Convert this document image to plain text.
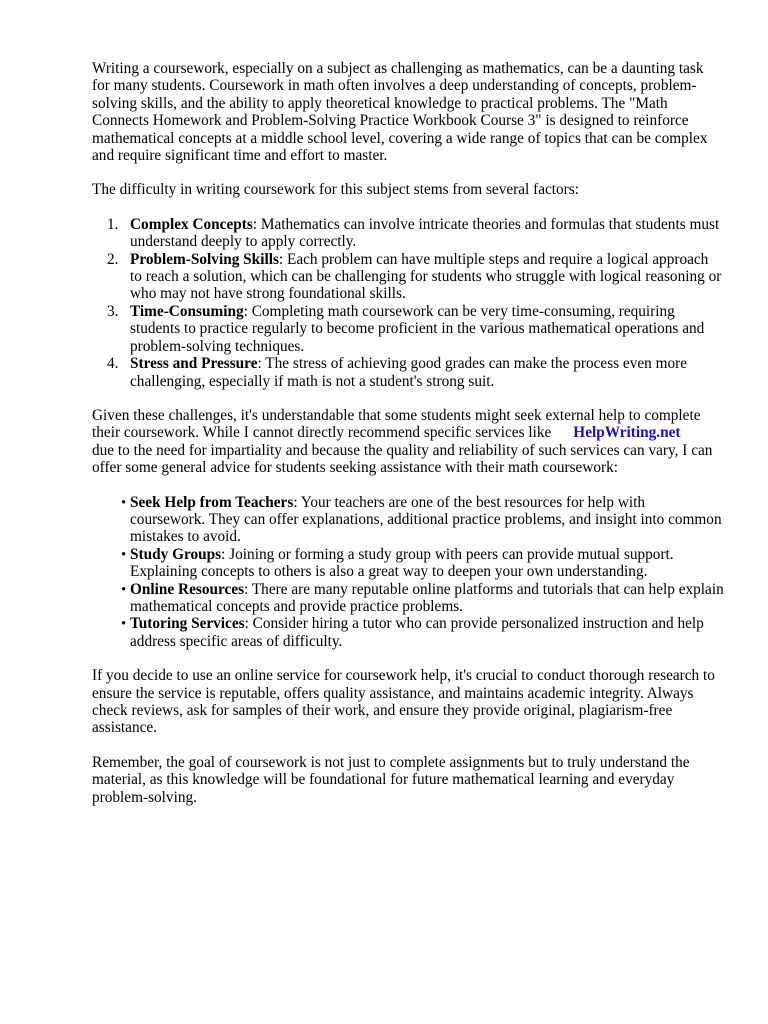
Writing a coursework, especially on a subject as challenging as mathematics, can be a daunting task for many students. Coursework in math often involves a deep understanding of concepts, problem-solving skills, and the ability to apply theoretical knowledge to practical problems. The "Math Connects Homework and Problem-Solving Practice Workbook Course 3" is designed to reinforce mathematical concepts at a middle school level, covering a wide range of topics that can be complex and require significant time and effort to master.

The difficulty in writing coursework for this subject stems from several factors:

1. Complex Concepts: Mathematics can involve intricate theories and formulas that students must understand deeply to apply correctly.
2. Problem-Solving Skills: Each problem can have multiple steps and require a logical approach to reach a solution, which can be challenging for students who struggle with logical reasoning or who may not have strong foundational skills.
3. Time-Consuming: Completing math coursework can be very time-consuming, requiring students to practice regularly to become proficient in the various mathematical operations and problem-solving techniques.
4. Stress and Pressure: The stress of achieving good grades can make the process even more challenging, especially if math is not a student's strong suit.

Given these challenges, it's understandable that some students might seek external help to complete their coursework. While I cannot directly recommend specific services like HelpWriting.net
due to the need for impartiality and because the quality and reliability of such services can vary, I can offer some general advice for students seeking assistance with their math coursework:

• Seek Help from Teachers: Your teachers are one of the best resources for help with coursework. They can offer explanations, additional practice problems, and insight into common mistakes to avoid.
• Study Groups: Joining or forming a study group with peers can provide mutual support. Explaining concepts to others is also a great way to deepen your own understanding.
• Online Resources: There are many reputable online platforms and tutorials that can help explain mathematical concepts and provide practice problems.
• Tutoring Services: Consider hiring a tutor who can provide personalized instruction and help address specific areas of difficulty.

If you decide to use an online service for coursework help, it's crucial to conduct thorough research to ensure the service is reputable, offers quality assistance, and maintains academic integrity. Always check reviews, ask for samples of their work, and ensure they provide original, plagiarism-free assistance.

Remember, the goal of coursework is not just to complete assignments but to truly understand the material, as this knowledge will be foundational for future mathematical learning and everyday problem-solving.
